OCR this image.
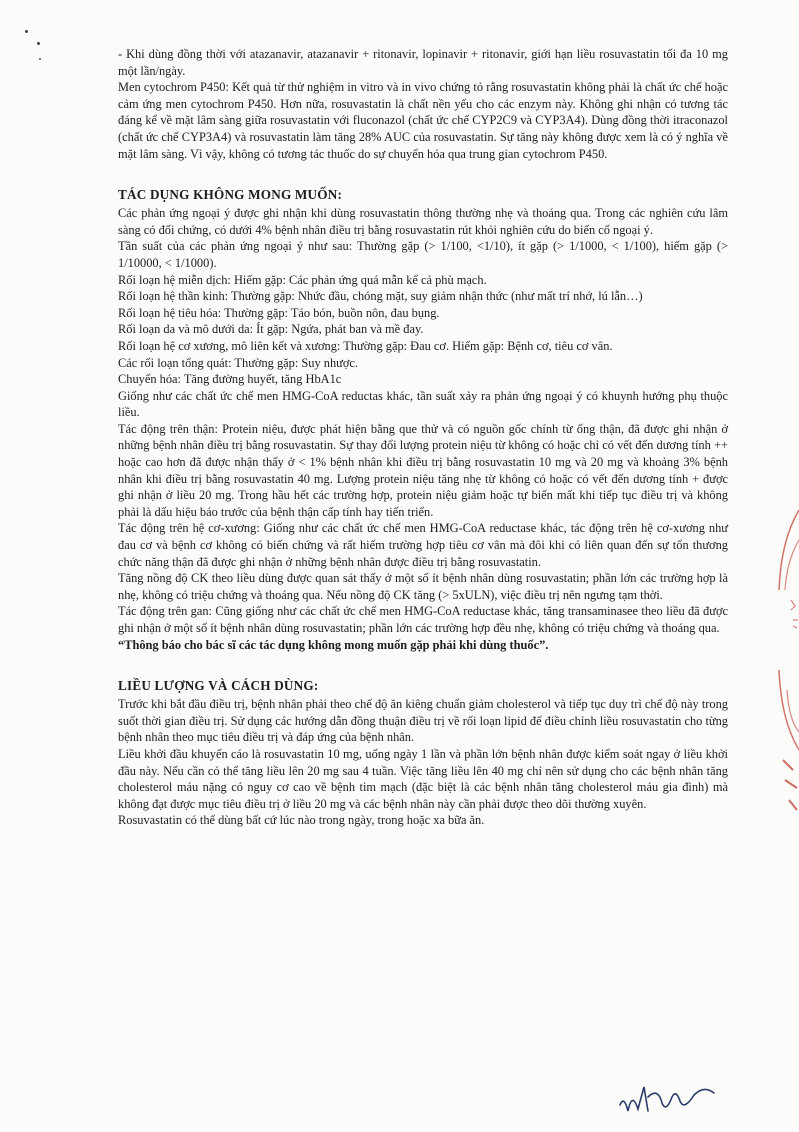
- Khi dùng đồng thời với atazanavir, atazanavir + ritonavir, lopinavir + ritonavir, giới hạn liều rosuvastatin tối đa 10 mg một lần/ngày.

Men cytochrom P450: Kết quả từ thử nghiệm in vitro và in vivo chứng tỏ rằng rosuvastatin không phải là chất ức chế hoặc cảm ứng men cytochrom P450. Hơn nữa, rosuvastatin là chất nền yếu cho các enzym này. Không ghi nhận có tương tác đáng kể về mặt lâm sàng giữa rosuvastatin với fluconazol (chất ức chế CYP2C9 và CYP3A4). Dùng đồng thời itraconazol (chất ức chế CYP3A4) và rosuvastatin làm tăng 28% AUC của rosuvastatin. Sự tăng này không được xem là có ý nghĩa về mặt lâm sàng. Vì vậy, không có tương tác thuốc do sự chuyển hóa qua trung gian cytochrom P450.

TÁC DỤNG KHÔNG MONG MUỐN:

Các phản ứng ngoại ý được ghi nhận khi dùng rosuvastatin thông thường nhẹ và thoáng qua. Trong các nghiên cứu lâm sàng có đối chứng, có dưới 4% bệnh nhân điều trị bằng rosuvastatin rút khỏi nghiên cứu do biến cố ngoại ý.

Tần suất của các phản ứng ngoại ý như sau: Thường gặp (> 1/100, <1/10), ít gặp (> 1/1000, < 1/100), hiếm gặp (> 1/10000, < 1/1000).

Rối loạn hệ miễn dịch: Hiếm gặp: Các phản ứng quá mẫn kể cả phù mạch.

Rối loạn hệ thần kinh: Thường gặp: Nhức đầu, chóng mặt, suy giảm nhận thức (như mất trí nhớ, lú lẫn…)

Rối loạn hệ tiêu hóa: Thường gặp: Táo bón, buồn nôn, đau bụng.

Rối loạn da và mô dưới da: Ít gặp: Ngứa, phát ban và mề đay.

Rối loạn hệ cơ xương, mô liên kết và xương: Thường gặp: Đau cơ. Hiếm gặp: Bệnh cơ, tiêu cơ vân.

Các rối loạn tổng quát: Thường gặp: Suy nhược.

Chuyển hóa: Tăng đường huyết, tăng HbA1c

Giống như các chất ức chế men HMG-CoA reductas khác, tần suất xảy ra phản ứng ngoại ý có khuynh hướng phụ thuộc liều.

Tác động trên thận: Protein niệu, được phát hiện bằng que thử và có nguồn gốc chính từ ống thận, đã được ghi nhận ở những bệnh nhân điều trị bằng rosuvastatin. Sự thay đổi lượng protein niệu từ không có hoặc chỉ có vết đến dương tính ++ hoặc cao hơn đã được nhận thấy ở < 1% bệnh nhân khi điều trị bằng rosuvastatin 10 mg và 20 mg và khoảng 3% bệnh nhân khi điều trị bằng rosuvastatin 40 mg. Lượng protein niệu tăng nhẹ từ không có hoặc có vết đến dương tính + được ghi nhận ở liều 20 mg. Trong hầu hết các trường hợp, protein niệu giảm hoặc tự biến mất khi tiếp tục điều trị và không phải là dấu hiệu báo trước của bệnh thận cấp tính hay tiến triển.

Tác động trên hệ cơ-xương: Giống như các chất ức chế men HMG-CoA reductase khác, tác động trên hệ cơ-xương như đau cơ và bệnh cơ không có biến chứng và rất hiếm trường hợp tiêu cơ vân mà đôi khi có liên quan đến sự tổn thương chức năng thận đã được ghi nhận ở những bệnh nhân được điều trị bằng rosuvastatin.

Tăng nồng độ CK theo liều dùng được quan sát thấy ở một số ít bệnh nhân dùng rosuvastatin; phần lớn các trường hợp là nhẹ, không có triệu chứng và thoáng qua. Nếu nồng độ CK tăng (> 5xULN), việc điều trị nên ngưng tạm thời.

Tác động trên gan: Cũng giống như các chất ức chế men HMG-CoA reductase khác, tăng transaminasee theo liều đã được ghi nhận ở một số ít bệnh nhân dùng rosuvastatin; phần lớn các trường hợp đều nhẹ, không có triệu chứng và thoáng qua.

“Thông báo cho bác sĩ các tác dụng không mong muốn gặp phải khi dùng thuốc”.

LIỀU LƯỢNG VÀ CÁCH DÙNG:

Trước khi bắt đầu điều trị, bệnh nhân phải theo chế độ ăn kiêng chuẩn giảm cholesterol và tiếp tục duy trì chế độ này trong suốt thời gian điều trị. Sử dụng các hướng dẫn đồng thuận điều trị về rối loạn lipid để điều chỉnh liều rosuvastatin cho từng bệnh nhân theo mục tiêu điều trị và đáp ứng của bệnh nhân.

Liều khởi đầu khuyến cáo là rosuvastatin 10 mg, uống ngày 1 lần và phần lớn bệnh nhân được kiểm soát ngay ở liều khởi đầu này. Nếu cần có thể tăng liều lên 20 mg sau 4 tuần. Việc tăng liều lên 40 mg chỉ nên sử dụng cho các bệnh nhân tăng cholesterol máu nặng có nguy cơ cao về bệnh tim mạch (đặc biệt là các bệnh nhân tăng cholesterol máu gia đình) mà không đạt được mục tiêu điều trị ở liều 20 mg và các bệnh nhân này cần phải được theo dõi thường xuyên.

Rosuvastatin có thể dùng bất cứ lúc nào trong ngày, trong hoặc xa bữa ăn.
